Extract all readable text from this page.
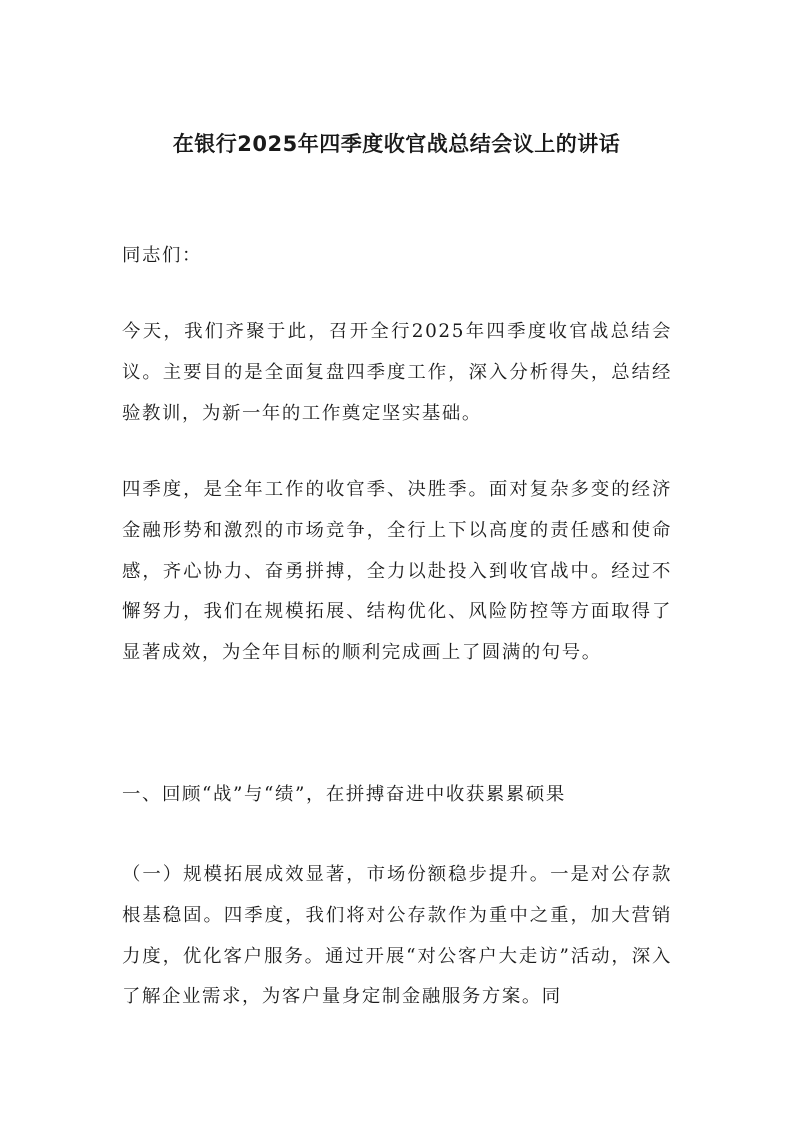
在银行2025年四季度收官战总结会议上的讲话

同志们：

今天，我们齐聚于此，召开全行2025年四季度收官战总结会议。主要目的是全面复盘四季度工作，深入分析得失，总结经验教训，为新一年的工作奠定坚实基础。

四季度，是全年工作的收官季、决胜季。面对复杂多变的经济金融形势和激烈的市场竞争，全行上下以高度的责任感和使命感，齐心协力、奋勇拼搏，全力以赴投入到收官战中。经过不懈努力，我们在规模拓展、结构优化、风险防控等方面取得了显著成效，为全年目标的顺利完成画上了圆满的句号。

一、回顾“战”与“绩”，在拼搏奋进中收获累累硕果

（一）规模拓展成效显著，市场份额稳步提升。一是对公存款根基稳固。四季度，我们将对公存款作为重中之重，加大营销力度，优化客户服务。通过开展“对公客户大走访”活动，深入了解企业需求，为客户量身定制金融服务方案。同
